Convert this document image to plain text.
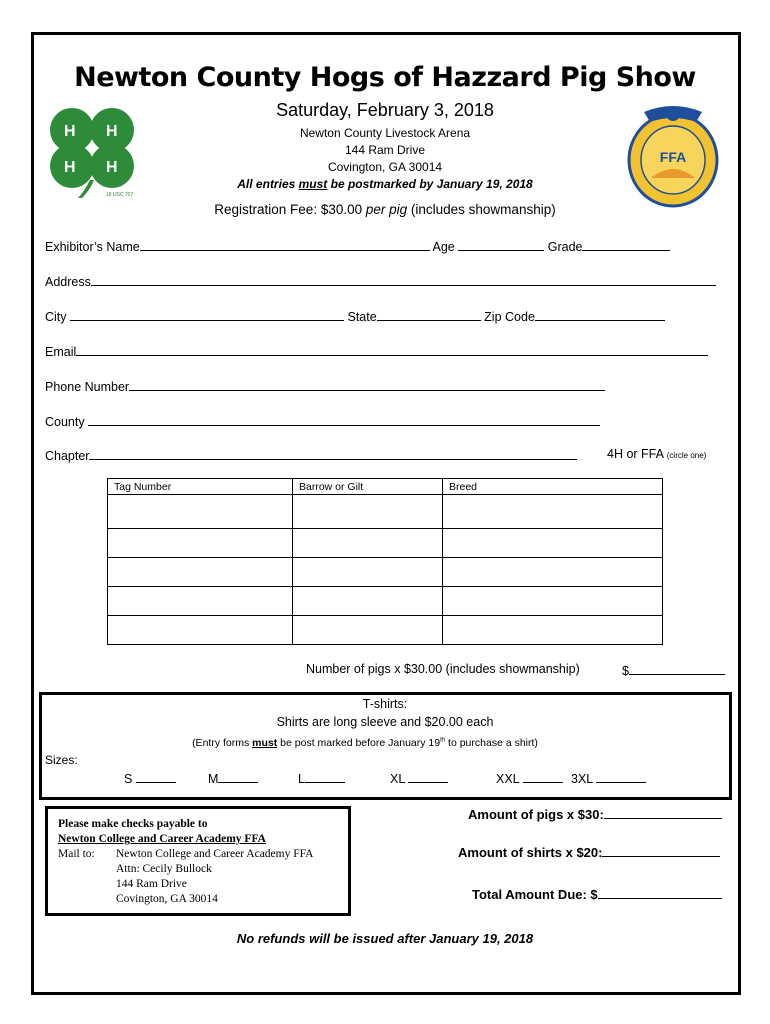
H H
H H
18 USC 707
FFA
Newton County Hogs of Hazzard Pig Show
Saturday, February 3, 2018
Newton County Livestock Arena
144 Ram Drive
Covington, GA 30014
All entries must be postmarked by January 19, 2018
Registration Fee: $30.00 per pig (includes showmanship)
Exhibitor’s Name	Age	Grade
Address
City	State	Zip Code
Email
Phone Number
County
Chapter	4H or FFA (circle one)
Tag Number	Barrow or Gilt	Breed

Number of pigs x $30.00 (includes showmanship)	$
T-shirts:
Shirts are long sleeve and $20.00 each
(Entry forms must be post marked before January 19th to purchase a shirt)
Sizes:
S	M	L	XL	XXL	3XL
Please make checks payable to
Newton College and Career Academy FFA
Mail to:	Newton College and Career Academy FFA
Attn: Cecily Bullock
144 Ram Drive
Covington, GA 30014
Amount of pigs x $30:
Amount of shirts x $20:
Total Amount Due: $
No refunds will be issued after January 19, 2018
